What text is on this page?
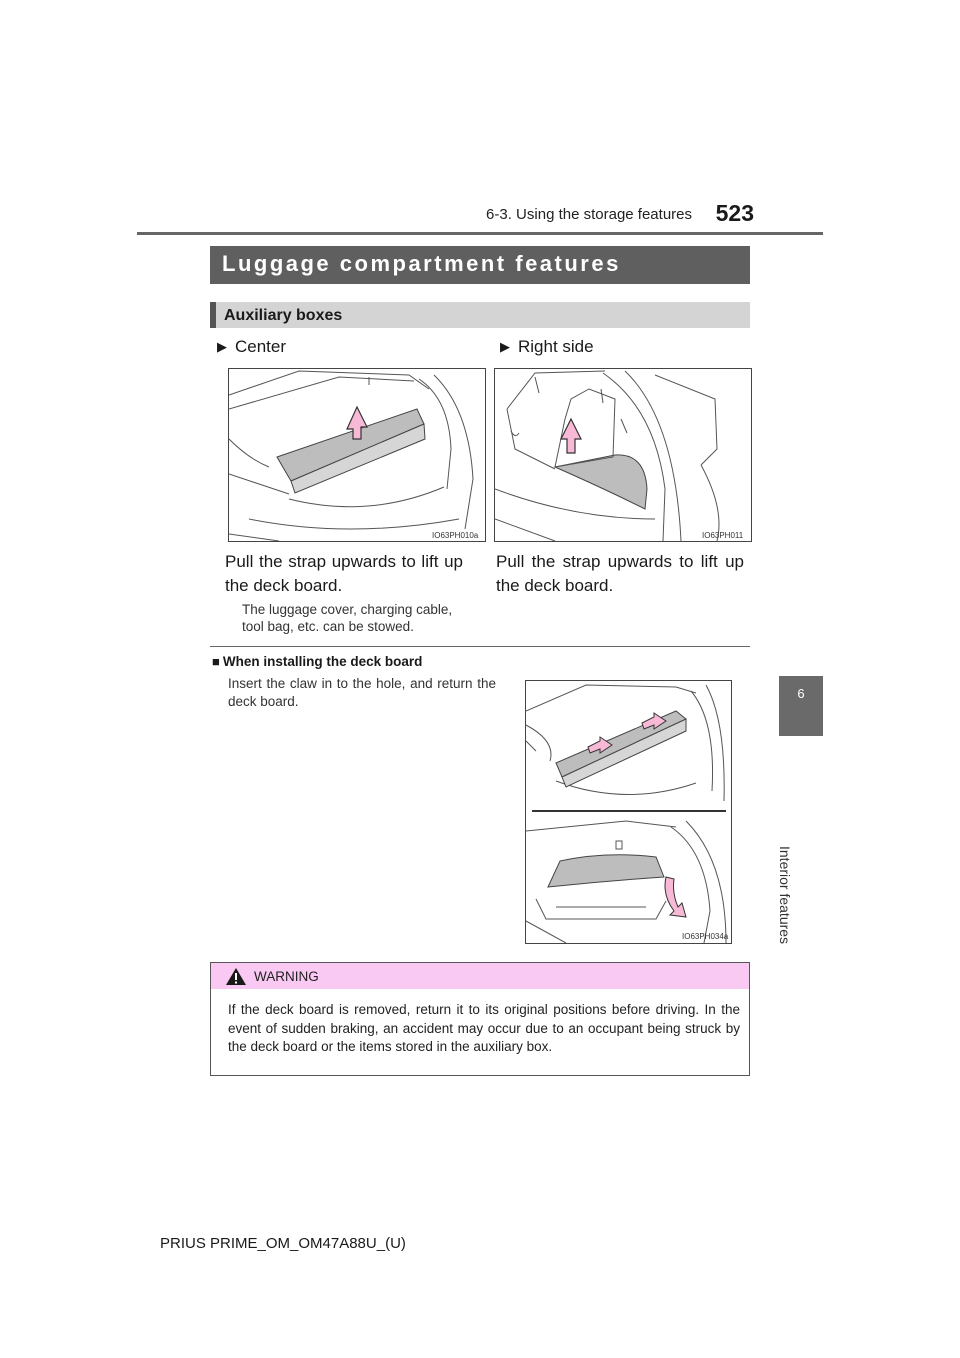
6-3. Using the storage features	523
6
Interior features
Luggage compartment features
Auxiliary boxes
▶ Center	▶ Right side
IO63PH010a	IO63PH011
Pull the strap upwards to lift up the deck board.
The luggage cover, charging cable, tool bag, etc. can be stowed.
Pull the strap upwards to lift up the deck board.
■ When installing the deck board
Insert the claw in to the hole, and return the deck board.
IO63PH034a
WARNING
If the deck board is removed, return it to its original positions before driving. In the event of sudden braking, an accident may occur due to an occupant being struck by the deck board or the items stored in the auxiliary box.
PRIUS PRIME_OM_OM47A88U_(U)
